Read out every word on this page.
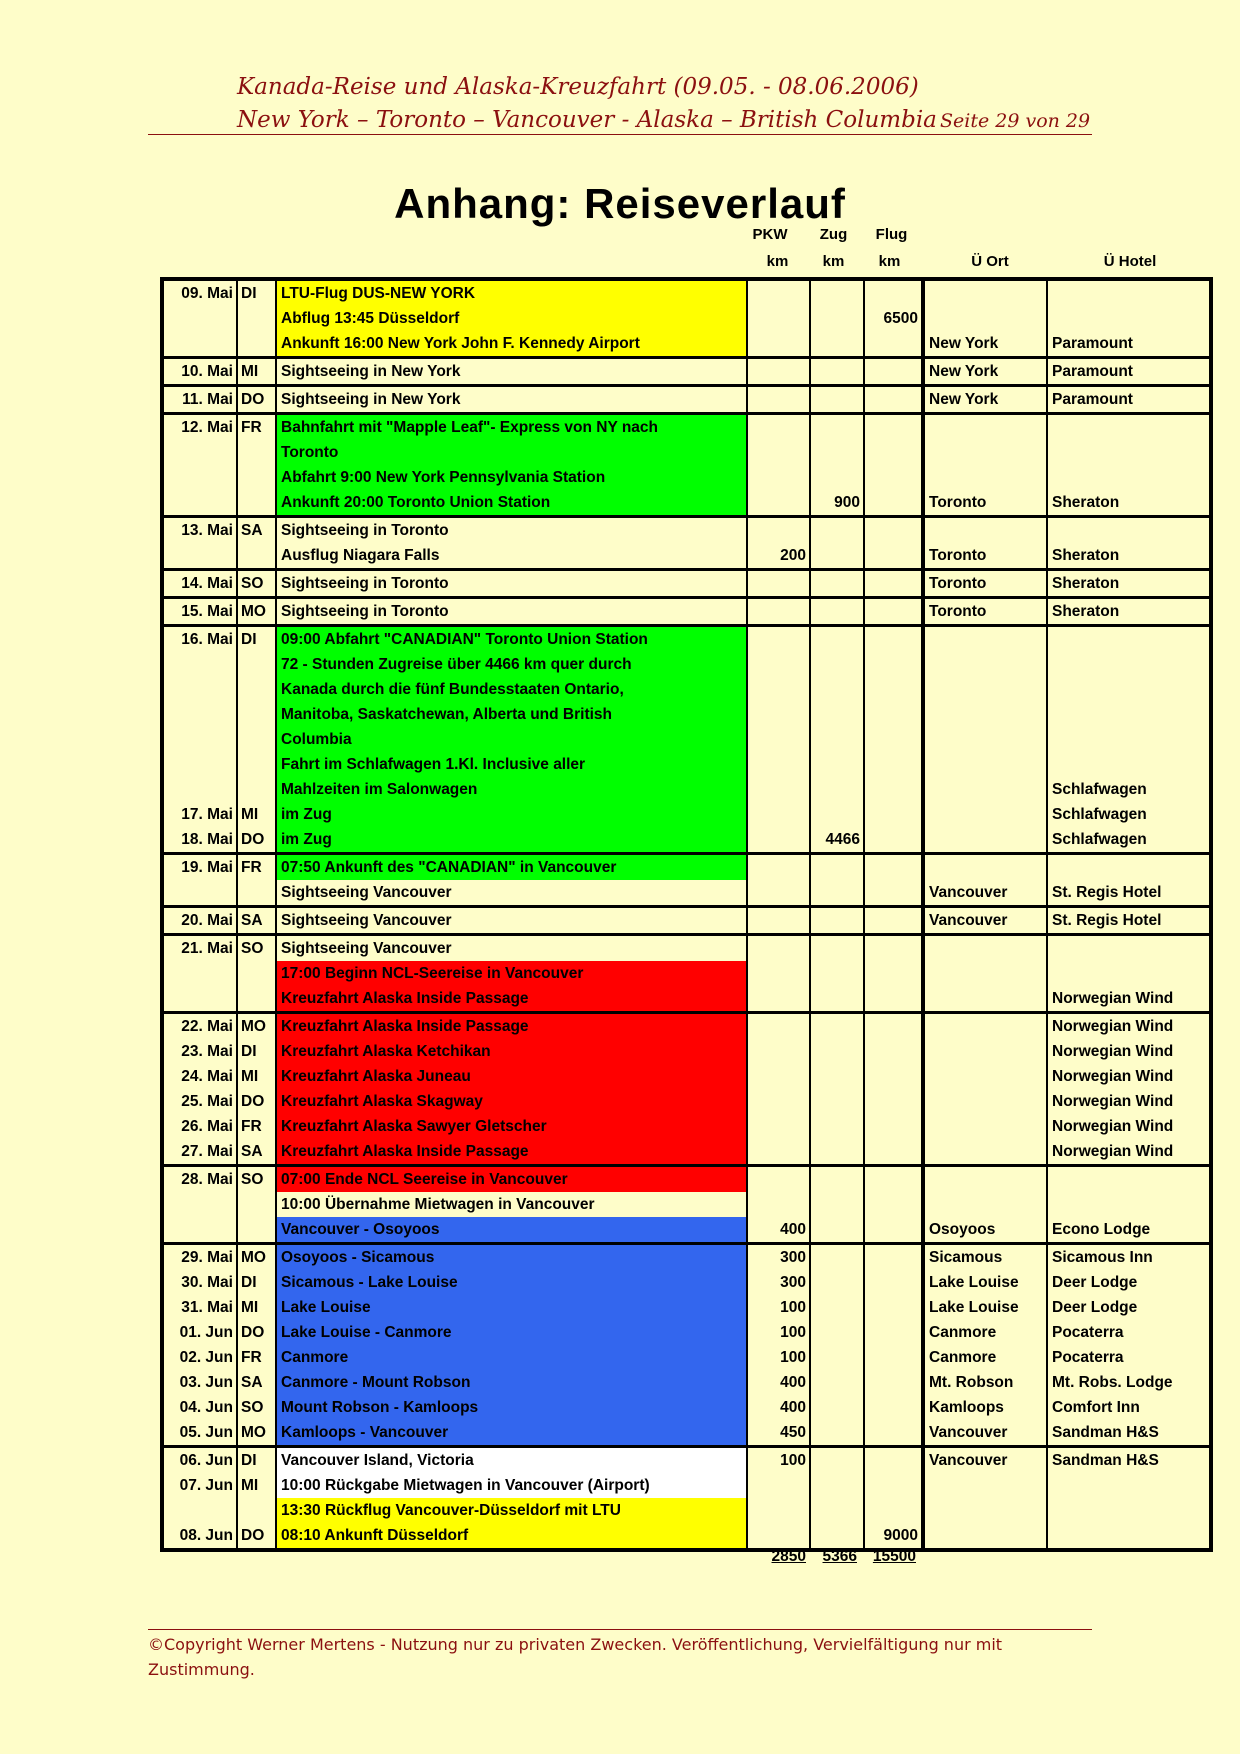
Kanada-Reise und Alaska-Kreuzfahrt (09.05. - 08.06.2006)
New York – Toronto – Vancouver - Alaska – British Columbia Seite 29 von 29
Anhang: Reiseverlauf
PKW	Zug	Flug
km	km	km	Ü Ort	Ü Hotel
09. Mai	DI	LTU-Flug DUS-NEW YORK					
		Abflug 13:45 Düsseldorf			6500		
		Ankunft 16:00 New York John F. Kennedy Airport				New York	Paramount
10. Mai	MI	Sightseeing in New York				New York	Paramount
11. Mai	DO	Sightseeing in New York				New York	Paramount
12. Mai	FR	Bahnfahrt mit "Mapple Leaf"- Express von NY nach					
		Toronto					
		Abfahrt 9:00 New York Pennsylvania Station					
		Ankunft 20:00 Toronto Union Station		900		Toronto	Sheraton
13. Mai	SA	Sightseeing in Toronto					
		Ausflug Niagara Falls	200			Toronto	Sheraton
14. Mai	SO	Sightseeing in Toronto				Toronto	Sheraton
15. Mai	MO	Sightseeing in Toronto				Toronto	Sheraton
16. Mai	DI	09:00 Abfahrt "CANADIAN" Toronto Union Station					
		72 - Stunden Zugreise über 4466 km quer durch					
		Kanada durch die fünf Bundesstaaten Ontario,					
		Manitoba, Saskatchewan, Alberta und British					
		Columbia					
		Fahrt im Schlafwagen 1.Kl. Inclusive aller					
		Mahlzeiten im Salonwagen					Schlafwagen
17. Mai	MI	im Zug					Schlafwagen
18. Mai	DO	im Zug		4466			Schlafwagen
19. Mai	FR	07:50 Ankunft des "CANADIAN" in Vancouver					
		Sightseeing Vancouver				Vancouver	St. Regis Hotel
20. Mai	SA	Sightseeing Vancouver				Vancouver	St. Regis Hotel
21. Mai	SO	Sightseeing Vancouver					
		17:00 Beginn NCL-Seereise in Vancouver					
		Kreuzfahrt Alaska Inside Passage					Norwegian Wind
22. Mai	MO	Kreuzfahrt Alaska Inside Passage					Norwegian Wind
23. Mai	DI	Kreuzfahrt Alaska Ketchikan					Norwegian Wind
24. Mai	MI	Kreuzfahrt Alaska Juneau					Norwegian Wind
25. Mai	DO	Kreuzfahrt Alaska Skagway					Norwegian Wind
26. Mai	FR	Kreuzfahrt Alaska Sawyer Gletscher					Norwegian Wind
27. Mai	SA	Kreuzfahrt Alaska Inside Passage					Norwegian Wind
28. Mai	SO	07:00 Ende NCL Seereise in Vancouver					
		10:00 Übernahme Mietwagen in Vancouver					
		Vancouver - Osoyoos	400			Osoyoos	Econo Lodge
29. Mai	MO	Osoyoos - Sicamous	300			Sicamous	Sicamous Inn
30. Mai	DI	Sicamous - Lake Louise	300			Lake Louise	Deer Lodge
31. Mai	MI	Lake Louise	100			Lake Louise	Deer Lodge
01. Jun	DO	Lake Louise - Canmore	100			Canmore	Pocaterra
02. Jun	FR	Canmore	100			Canmore	Pocaterra
03. Jun	SA	Canmore - Mount Robson	400			Mt. Robson	Mt. Robs. Lodge
04. Jun	SO	Mount Robson - Kamloops	400			Kamloops	Comfort Inn
05. Jun	MO	Kamloops - Vancouver	450			Vancouver	Sandman H&S
06. Jun	DI	Vancouver Island, Victoria	100			Vancouver	Sandman H&S
07. Jun	MI	10:00 Rückgabe Mietwagen in Vancouver (Airport)					
		13:30 Rückflug Vancouver-Düsseldorf mit LTU					
08. Jun	DO	08:10 Ankunft Düsseldorf			9000		
2850	5366	15500
©Copyright Werner Mertens - Nutzung nur zu privaten Zwecken. Veröffentlichung, Vervielfältigung nur mit Zustimmung.
